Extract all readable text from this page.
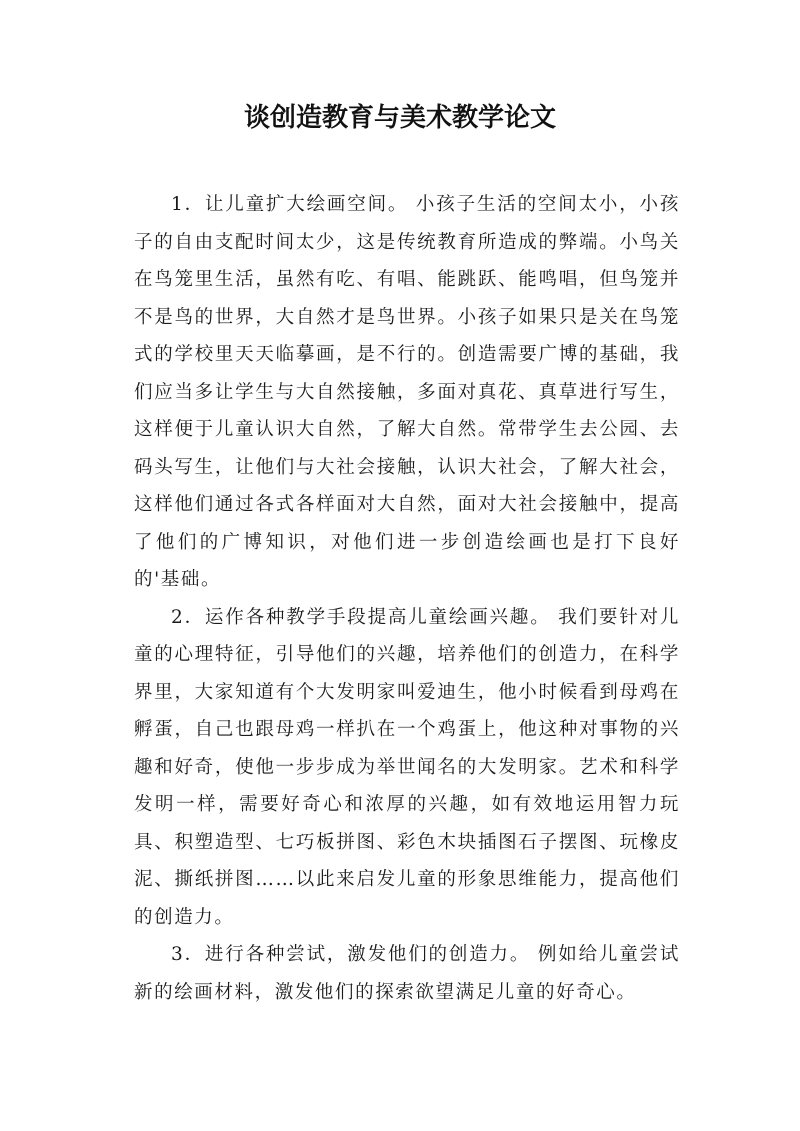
谈创造教育与美术教学论文

1．让儿童扩大绘画空间。 小孩子生活的空间太小，小孩子的自由支配时间太少，这是传统教育所造成的弊端。小鸟关在鸟笼里生活，虽然有吃、有唱、能跳跃、能鸣唱，但鸟笼并不是鸟的世界，大自然才是鸟世界。小孩子如果只是关在鸟笼式的学校里天天临摹画，是不行的。创造需要广博的基础，我们应当多让学生与大自然接触，多面对真花、真草进行写生，这样便于儿童认识大自然，了解大自然。常带学生去公园、去码头写生，让他们与大社会接触，认识大社会，了解大社会，这样他们通过各式各样面对大自然，面对大社会接触中，提高了他们的广博知识，对他们进一步创造绘画也是打下良好的'基础。

2．运作各种教学手段提高儿童绘画兴趣。 我们要针对儿童的心理特征，引导他们的兴趣，培养他们的创造力，在科学界里，大家知道有个大发明家叫爱迪生，他小时候看到母鸡在孵蛋，自己也跟母鸡一样扒在一个鸡蛋上，他这种对事物的兴趣和好奇，使他一步步成为举世闻名的大发明家。艺术和科学发明一样，需要好奇心和浓厚的兴趣，如有效地运用智力玩具、积塑造型、七巧板拼图、彩色木块插图石子摆图、玩橡皮泥、撕纸拼图……以此来启发儿童的形象思维能力，提高他们的创造力。

3．进行各种尝试，激发他们的创造力。 例如给儿童尝试新的绘画材料，激发他们的探索欲望满足儿童的好奇心。
